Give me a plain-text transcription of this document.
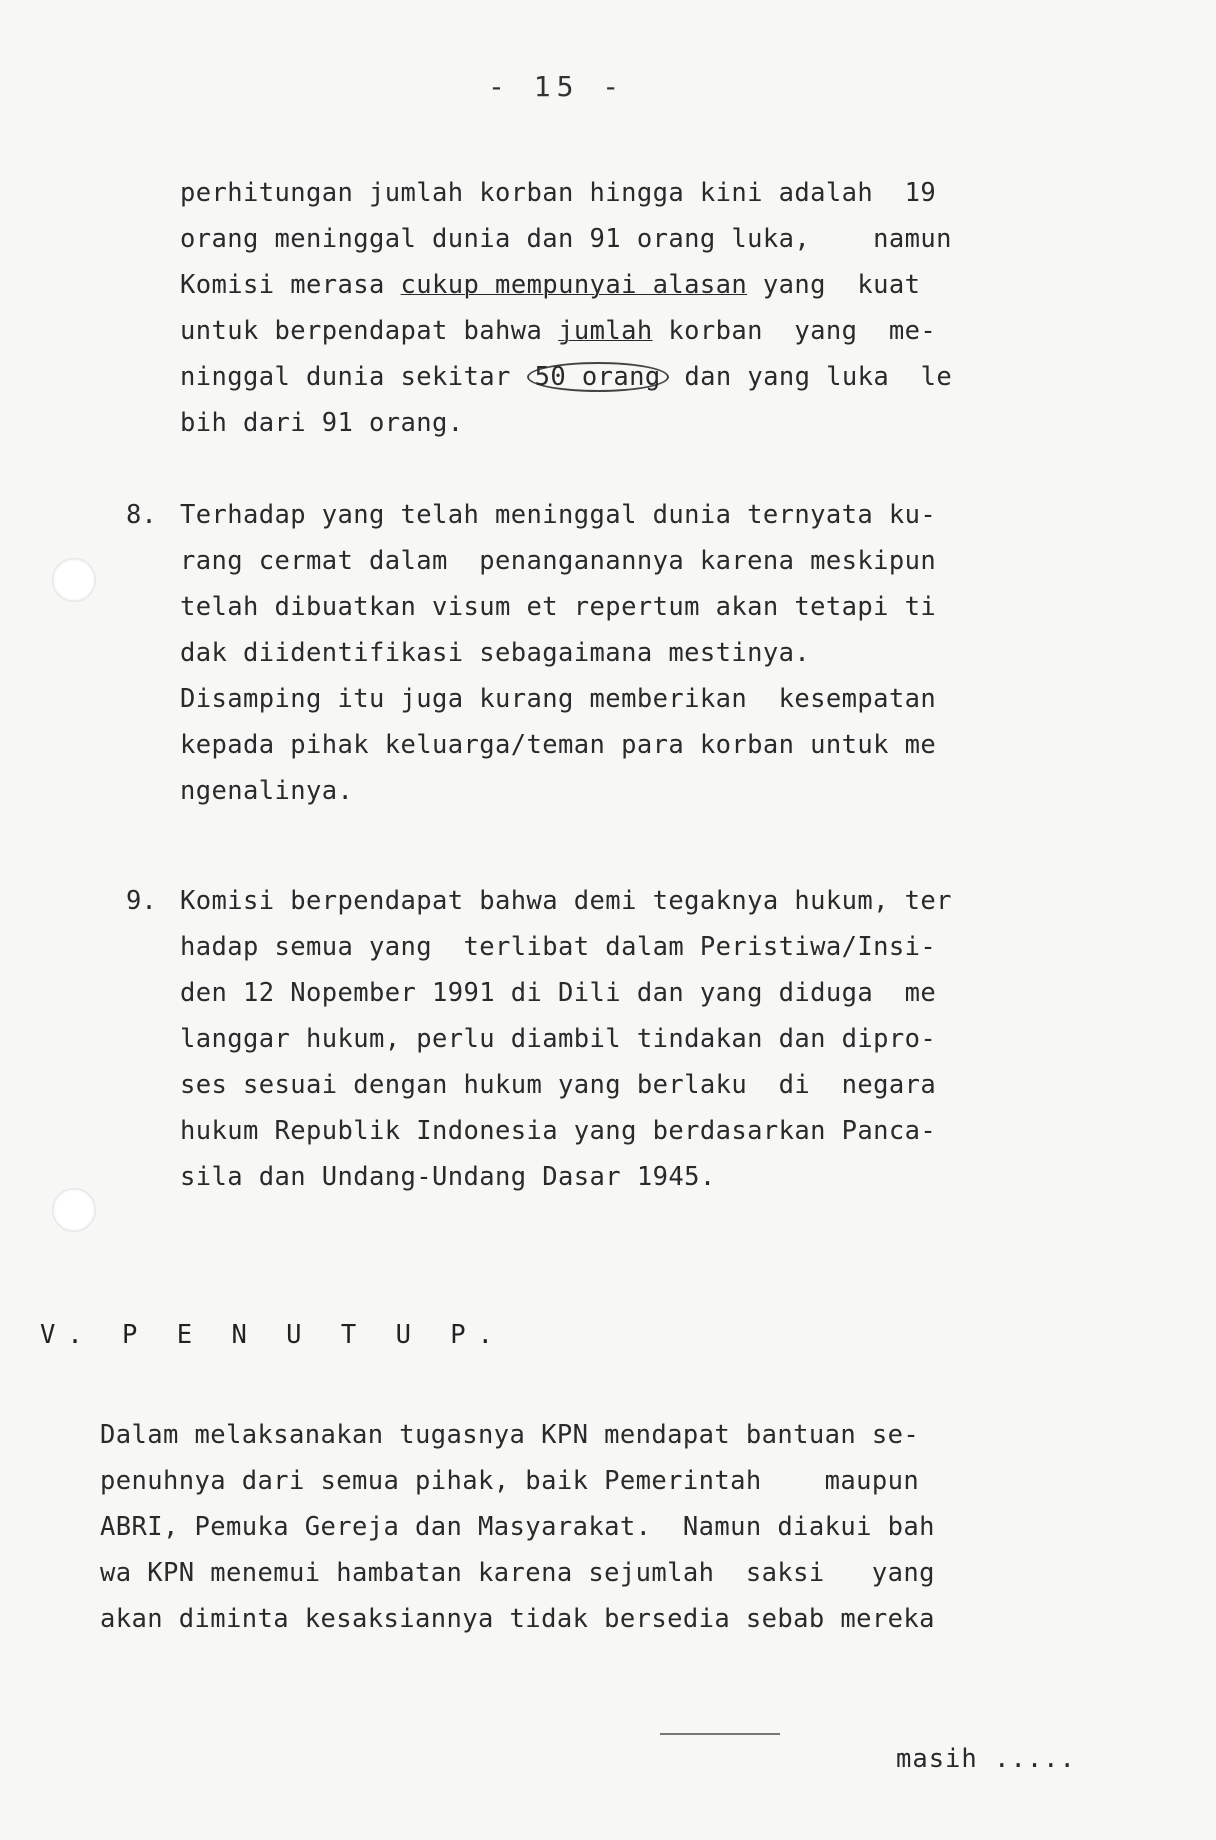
- 15 -
perhitungan jumlah korban hingga kini adalah  19
orang meninggal dunia dan 91 orang luka,    namun
Komisi merasa cukup mempunyai alasan yang  kuat
untuk berpendapat bahwa jumlah korban  yang  me-
ninggal dunia sekitar 50 orang dan yang luka  le
bih dari 91 orang.
8. Terhadap yang telah meninggal dunia ternyata ku-
rang cermat dalam  penanganannya karena meskipun
telah dibuatkan visum et repertum akan tetapi ti
dak diidentifikasi sebagaimana mestinya.
Disamping itu juga kurang memberikan  kesempatan
kepada pihak keluarga/teman para korban untuk me
ngenalinya.
9. Komisi berpendapat bahwa demi tegaknya hukum, ter
hadap semua yang  terlibat dalam Peristiwa/Insi-
den 12 Nopember 1991 di Dili dan yang diduga  me
langgar hukum, perlu diambil tindakan dan dipro-
ses sesuai dengan hukum yang berlaku  di  negara
hukum Republik Indonesia yang berdasarkan Panca-
sila dan Undang-Undang Dasar 1945.
V. P E N U T U P.
Dalam melaksanakan tugasnya KPN mendapat bantuan se-
penuhnya dari semua pihak, baik Pemerintah    maupun
ABRI, Pemuka Gereja dan Masyarakat.  Namun diakui bah
wa KPN menemui hambatan karena sejumlah  saksi   yang
akan diminta kesaksiannya tidak bersedia sebab mereka
masih .....
